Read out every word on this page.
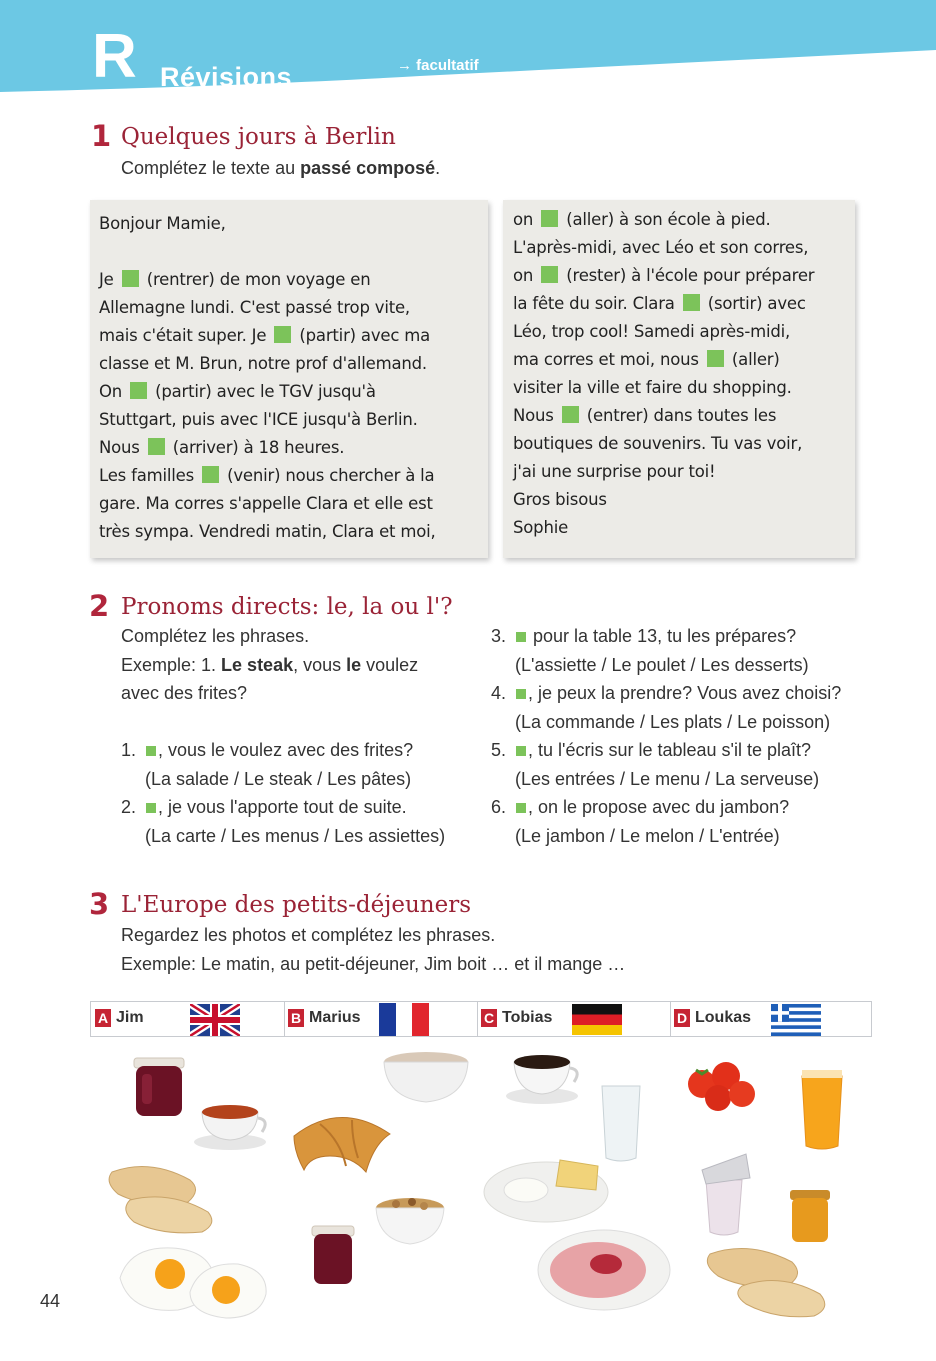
R Révisions	→ facultatif
1 Quelques jours à Berlin
Complétez le texte au passé composé.
Bonjour Mamie,
Je  (rentrer) de mon voyage en
Allemagne lundi. C'est passé trop vite,
mais c'était super. Je  (partir) avec ma
classe et M. Brun, notre prof d'allemand.
On  (partir) avec le TGV jusqu'à
Stuttgart, puis avec l'ICE jusqu'à Berlin.
Nous  (arriver) à 18 heures.
Les familles  (venir) nous chercher à la
gare. Ma corres s'appelle Clara et elle est
très sympa. Vendredi matin, Clara et moi,
on  (aller) à son école à pied.
L'après-midi, avec Léo et son corres,
on  (rester) à l'école pour préparer
la fête du soir. Clara  (sortir) avec
Léo, trop cool! Samedi après-midi,
ma corres et moi, nous  (aller)
visiter la ville et faire du shopping.
Nous  (entrer) dans toutes les
boutiques de souvenirs. Tu vas voir,
j'ai une surprise pour toi!
Gros bisous
Sophie
2 Pronoms directs: le, la ou l'?
Complétez les phrases.
Exemple: 1. Le steak, vous le voulez
avec des frites?
1. , vous le voulez avec des frites?
(La salade / Le steak / Les pâtes)
2. , je vous l'apporte tout de suite.
(La carte / Les menus / Les assiettes)
3. pour la table 13, tu les prépares?
(L'assiette / Le poulet / Les desserts)
4. , je peux la prendre? Vous avez choisi?
(La commande / Les plats / Le poisson)
5. , tu l'écris sur le tableau s'il te plaît?
(Les entrées / Le menu / La serveuse)
6. , on le propose avec du jambon?
(Le jambon / Le melon / L'entrée)
3 L'Europe des petits-déjeuners
Regardez les photos et complétez les phrases.
Exemple: Le matin, au petit-déjeuner, Jim boit … et il mange …
A Jim	B Marius	C Tobias	D Loukas
44
